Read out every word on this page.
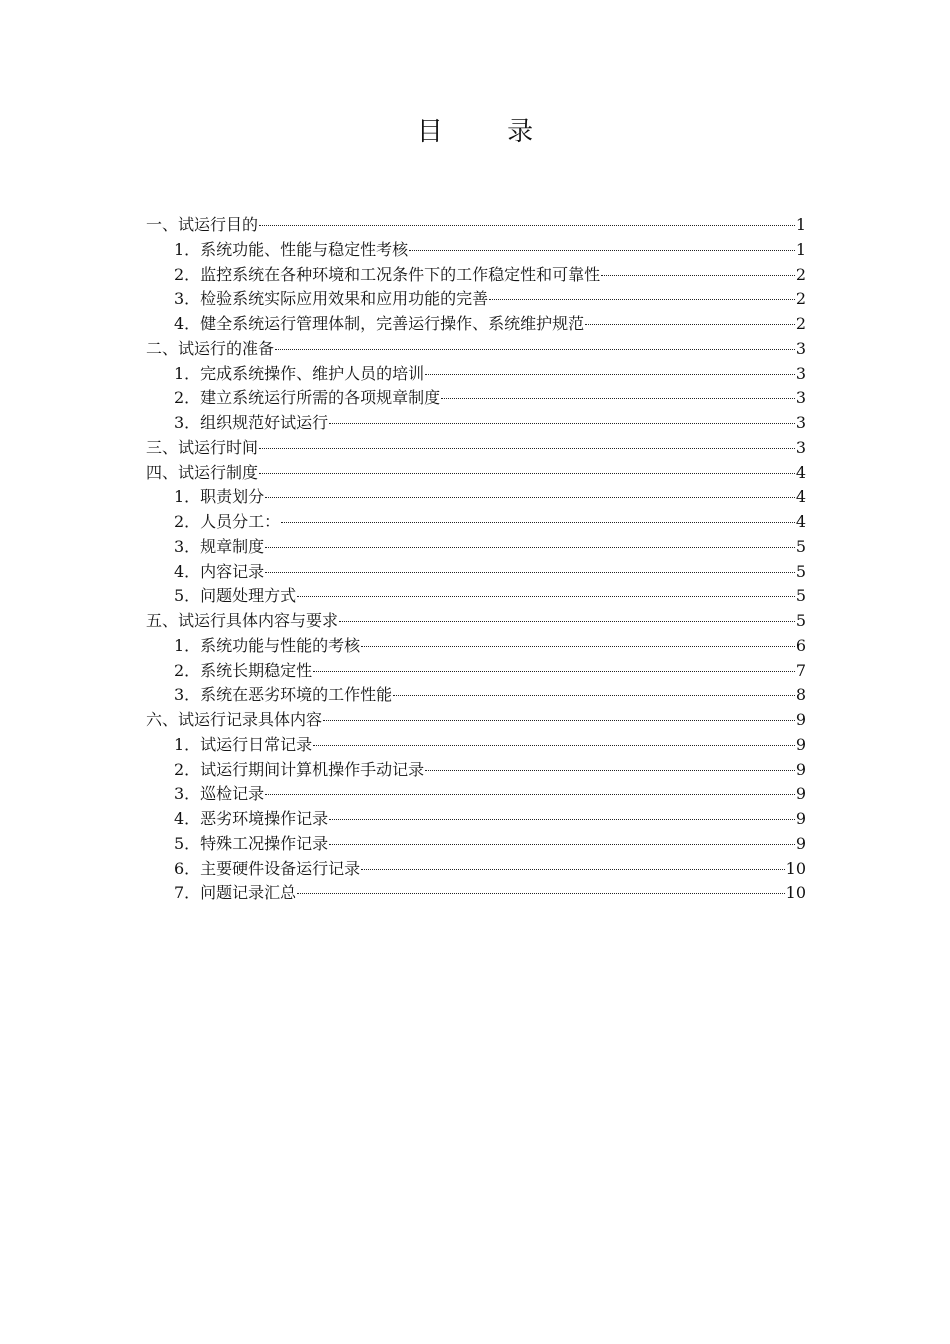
目 录
一、试运行目的	1
1．系统功能、性能与稳定性考核	1
2．监控系统在各种环境和工况条件下的工作稳定性和可靠性	2
3．检验系统实际应用效果和应用功能的完善	2
4．健全系统运行管理体制，完善运行操作、系统维护规范	2
二、试运行的准备	3
1．完成系统操作、维护人员的培训	3
2．建立系统运行所需的各项规章制度	3
3．组织规范好试运行	3
三、试运行时间	3
四、试运行制度	4
1．职责划分	4
2．人员分工：	4
3．规章制度	5
4．内容记录	5
5．问题处理方式	5
五、试运行具体内容与要求	5
1．系统功能与性能的考核	6
2．系统长期稳定性	7
3．系统在恶劣环境的工作性能	8
六、试运行记录具体内容	9
1．试运行日常记录	9
2．试运行期间计算机操作手动记录	9
3．巡检记录	9
4．恶劣环境操作记录	9
5．特殊工况操作记录	9
6．主要硬件设备运行记录	10
7．问题记录汇总	10
